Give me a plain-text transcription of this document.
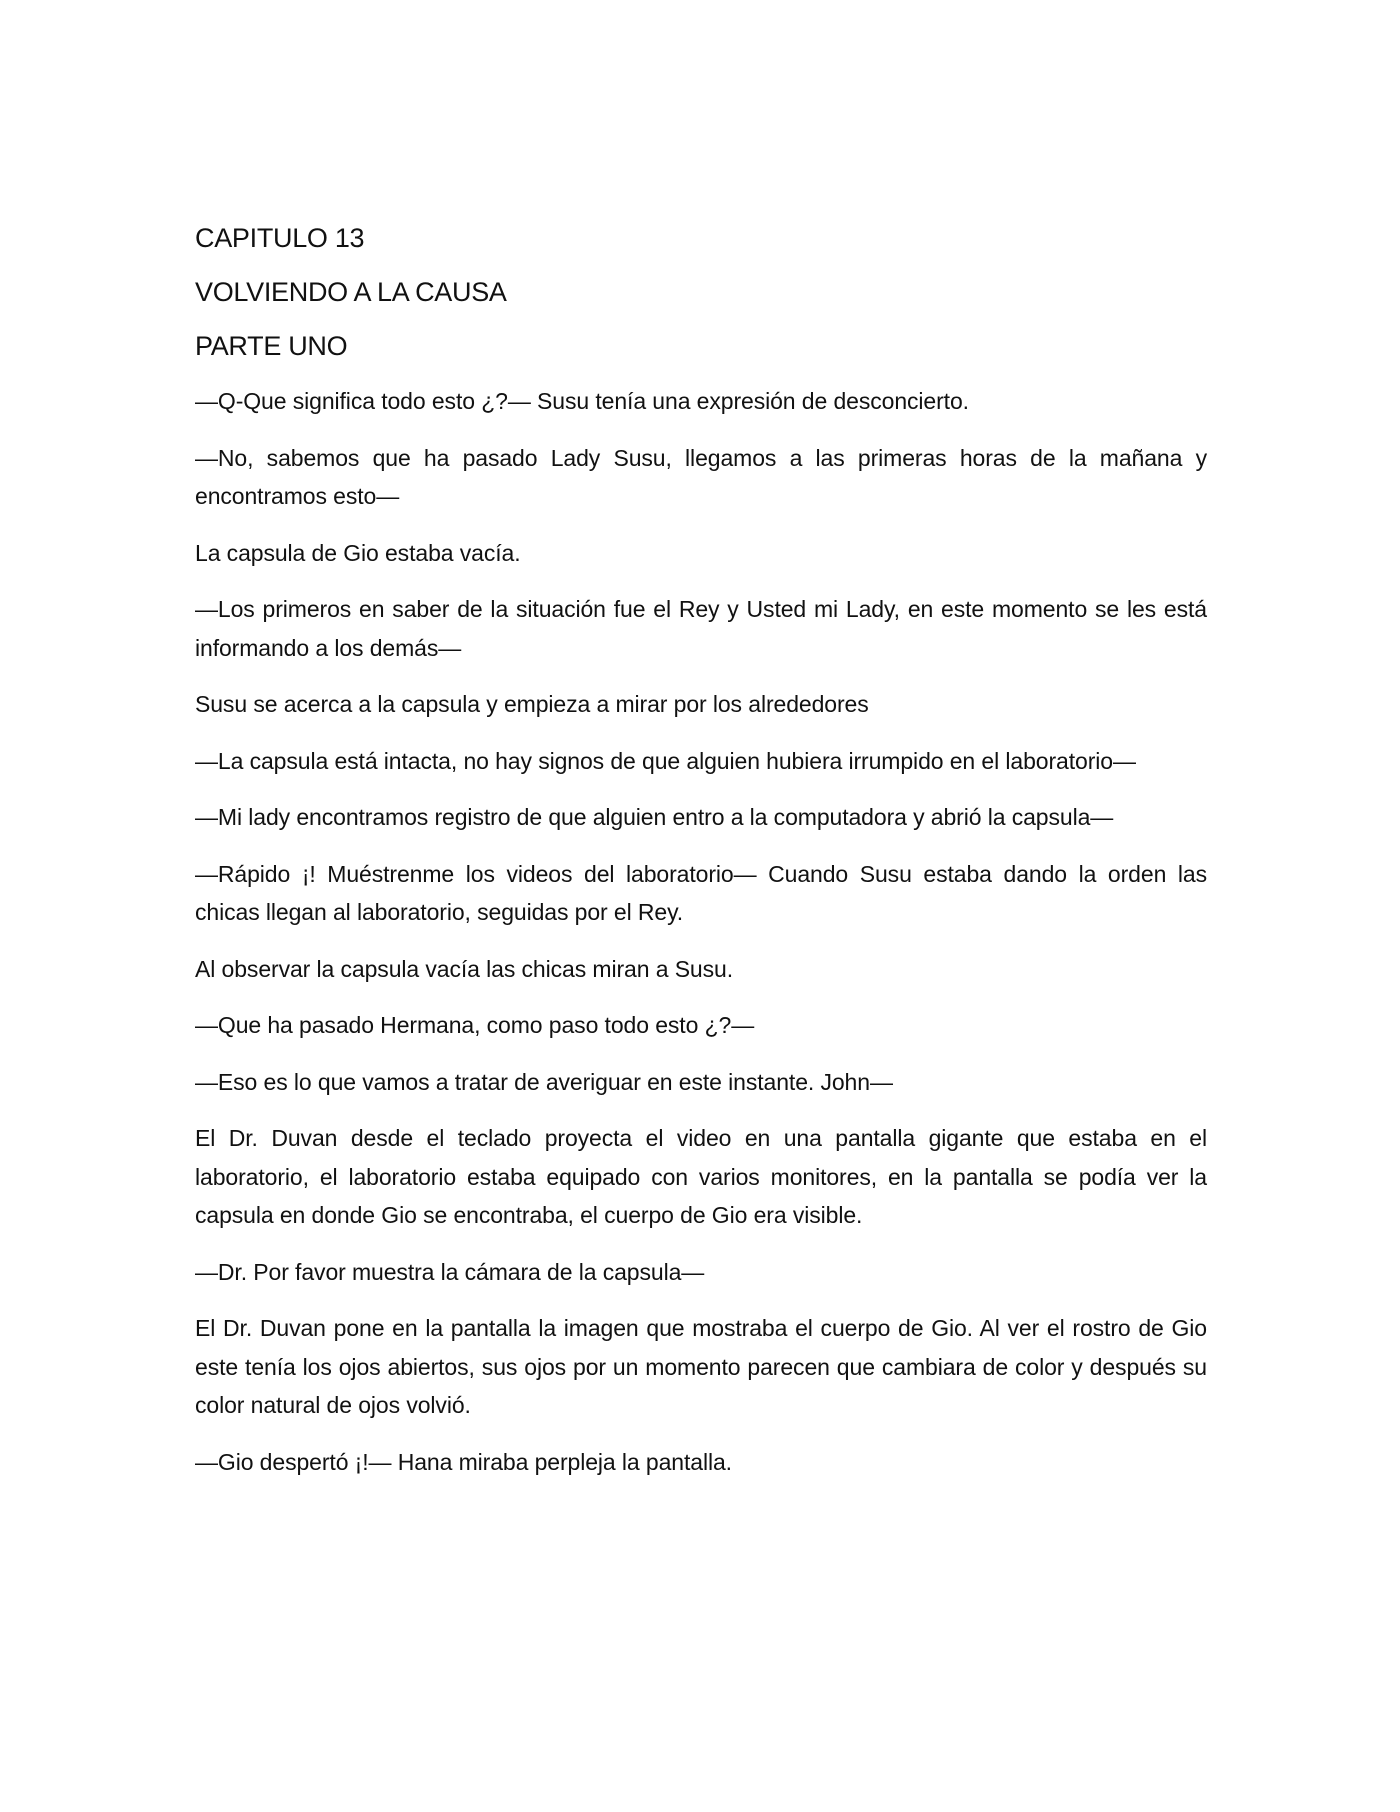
CAPITULO 13
VOLVIENDO A LA CAUSA
PARTE UNO

—Q-Que significa todo esto ¿?— Susu tenía una expresión de desconcierto.

—No, sabemos que ha pasado Lady Susu, llegamos a las primeras horas de la mañana y encontramos esto—

La capsula de Gio estaba vacía.

—Los primeros en saber de la situación fue el Rey y Usted mi Lady, en este momento se les está informando a los demás—

Susu se acerca a la capsula y empieza a mirar por los alrededores

—La capsula está intacta, no hay signos de que alguien hubiera irrumpido en el laboratorio—

—Mi lady encontramos registro de que alguien entro a la computadora y abrió la capsula—

—Rápido ¡! Muéstrenme los videos del laboratorio— Cuando Susu estaba dando la orden las chicas llegan al laboratorio, seguidas por el Rey.

Al observar la capsula vacía las chicas miran a Susu.

—Que ha pasado Hermana, como paso todo esto ¿?—

—Eso es lo que vamos a tratar de averiguar en este instante. John—

El Dr. Duvan desde el teclado proyecta el video en una pantalla gigante que estaba en el laboratorio, el laboratorio estaba equipado con varios monitores, en la pantalla se podía ver la capsula en donde Gio se encontraba, el cuerpo de Gio era visible.

—Dr. Por favor muestra la cámara de la capsula—

El Dr. Duvan pone en la pantalla la imagen que mostraba el cuerpo de Gio. Al ver el rostro de Gio este tenía los ojos abiertos, sus ojos por un momento parecen que cambiara de color y después su color natural de ojos volvió.

—Gio despertó ¡!— Hana miraba perpleja la pantalla.
